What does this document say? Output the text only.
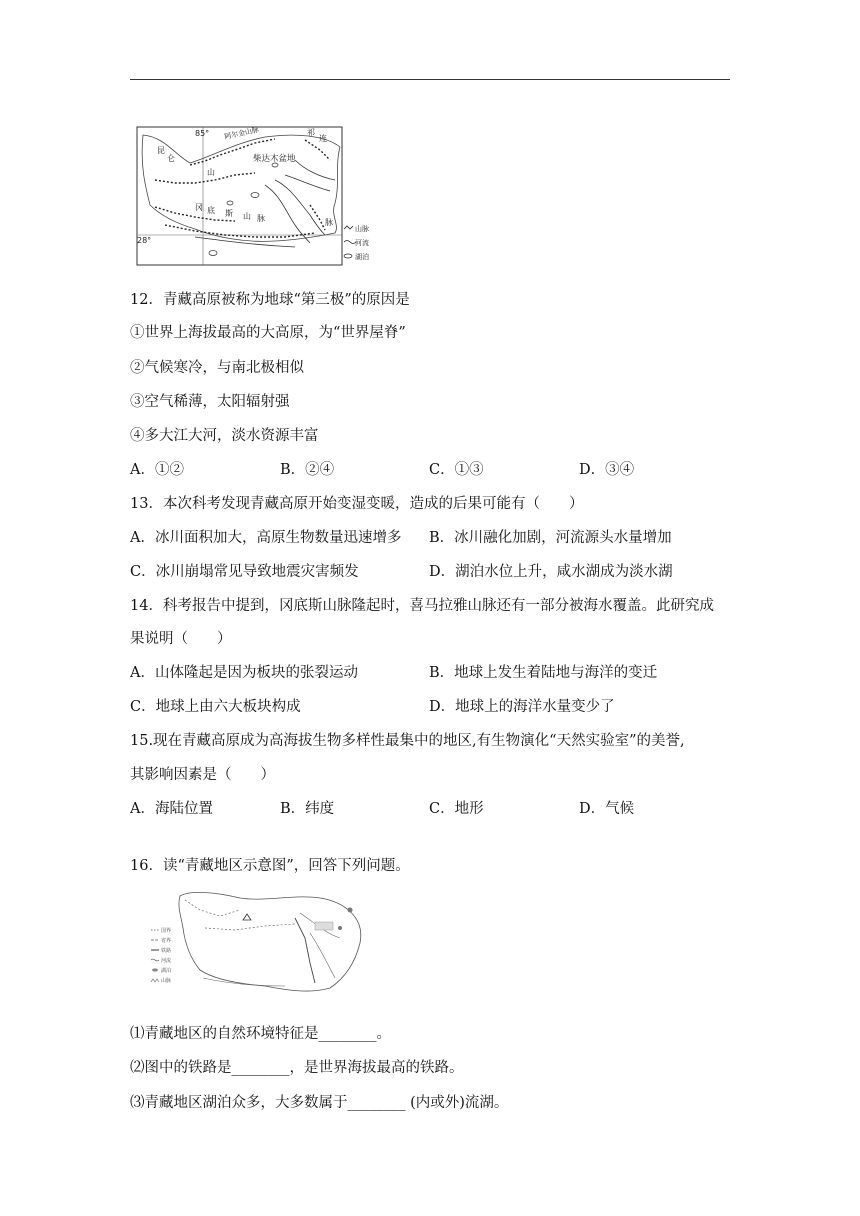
85°
28°
柴达木盆地
阿尔金山脉
昆
仑
山
冈 底 斯 山 脉
祁
连
脉
山脉
河流
湖泊
12．青藏高原被称为地球“第三极”的原因是
①世界上海拔最高的大高原，为“世界屋脊”
②气候寒冷，与南北极相似
③空气稀薄，太阳辐射强
④多大江大河，淡水资源丰富
A．①②	B．②④	C．①③	D．③④
13．本次科考发现青藏高原开始变湿变暖，造成的后果可能有（　　）
A．冰川面积加大，高原生物数量迅速增多 B．冰川融化加剧，河流源头水量增加
C．冰川崩塌常见导致地震灾害频发	D．湖泊水位上升，咸水湖成为淡水湖
14．科考报告中提到，冈底斯山脉隆起时，喜马拉雅山脉还有一部分被海水覆盖。此研究成
果说明（　　）
A．山体隆起是因为板块的张裂运动	B．地球上发生着陆地与海洋的变迁
C．地球上由六大板块构成	D．地球上的海洋水量变少了
15.现在青藏高原成为高海拔生物多样性最集中的地区,有生物演化“天然实验室”的美誉,
其影响因素是（　　）
A．海陆位置	B．纬度	C．地形	D．气候
16．读“青藏地区示意图”，回答下列问题。
国界
省界
铁路
河流
湖泊
山脉
⑴青藏地区的自然环境特征是________。
⑵图中的铁路是________，是世界海拔最高的铁路。
⑶青藏地区湖泊众多，大多数属于________ (内或外)流湖。
